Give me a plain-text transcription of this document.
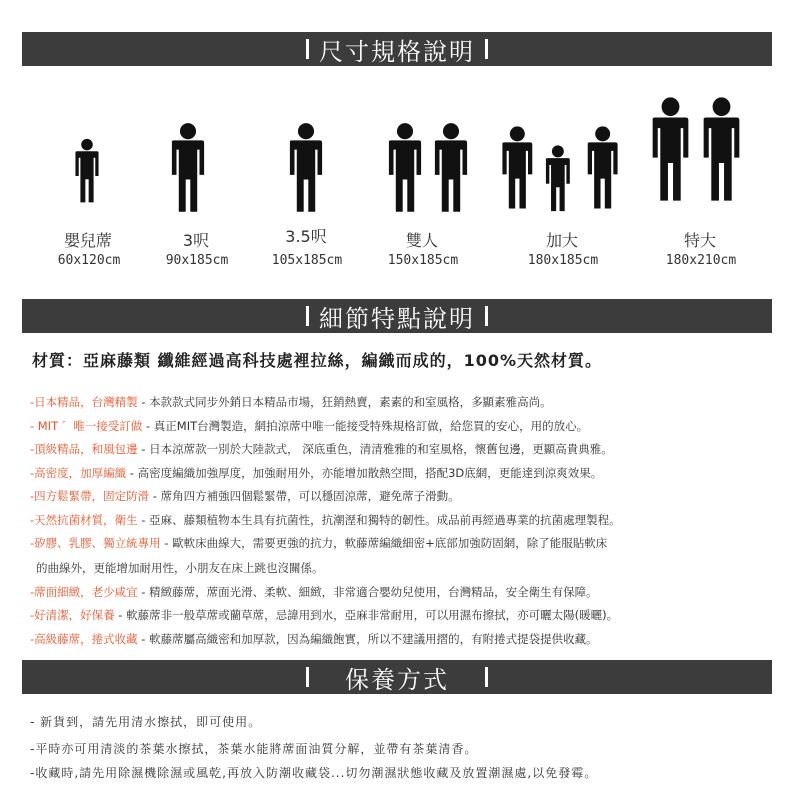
尺寸規格說明
嬰兒蓆	3呎	3.5呎	雙人	加大	特大
60x120cm	90x185cm	105x185cm	150x185cm	180x185cm	180x210cm
細節特點說明
材質：亞麻藤類 纖維經過高科技處裡拉絲，編織而成的，100%天然材質。
-日本精品，台灣精製 - 本款款式同步外銷日本精品市場，狂銷熱賣，素素的和室風格，多顯素雅高尚。
- MIT ゛唯一接受訂做 - 真正MIT台灣製造，網拍涼蓆中唯一能接受特殊規格訂做，給您買的安心，用的放心。
-頂級精品，和風包邊 - 日本涼蓆款一別於大陸款式， 深底重色，清清雅雅的和室風格，懷舊包邊，更顯高貴典雅。
-高密度，加厚編織 - 高密度編織加強厚度，加強耐用外，亦能增加散熱空間，搭配3D底網，更能達到涼爽效果。
-四方鬆緊帶，固定防滑 - 蓆角四方補強四個鬆緊帶，可以穩固涼蓆，避免蓆子滑動。
-天然抗菌材質，衛生 - 亞麻、藤類植物本生具有抗菌性，抗潮溼和獨特的韌性。成品前再經過專業的抗菌處理製程。
-矽膠、乳膠、獨立統專用 - 歐軟床曲線大，需要更強的抗力，軟藤蓆編織細密+底部加強防固網，除了能服貼軟床
的曲線外，更能增加耐用性，小朋友在床上跳也沒關係。
-蓆面細緻，老少咸宜 - 精緻藤蓆，蓆面光滑、柔軟、細緻，非常適合嬰幼兒使用，台灣精品，安全衛生有保障。
-好清潔，好保養 - 軟藤蓆非一般草蓆或藺草蓆，忌諱用到水，亞麻非常耐用，可以用濕布擦拭，亦可曬太陽(暖曬)。
-高級藤蓆，捲式收藏 - 軟藤蓆屬高織密和加厚款，因為編織飽實，所以不建議用摺的，有附捲式提袋提供收藏。
保養方式
- 新貨到，請先用清水擦拭，即可使用。
-平時亦可用清淡的茶葉水擦拭，茶葉水能將蓆面油質分解，並帶有茶葉清香。
-收藏時,請先用除濕機除濕或風乾,再放入防潮收藏袋...切勿潮濕狀態收藏及放置潮濕處,以免發霉。
